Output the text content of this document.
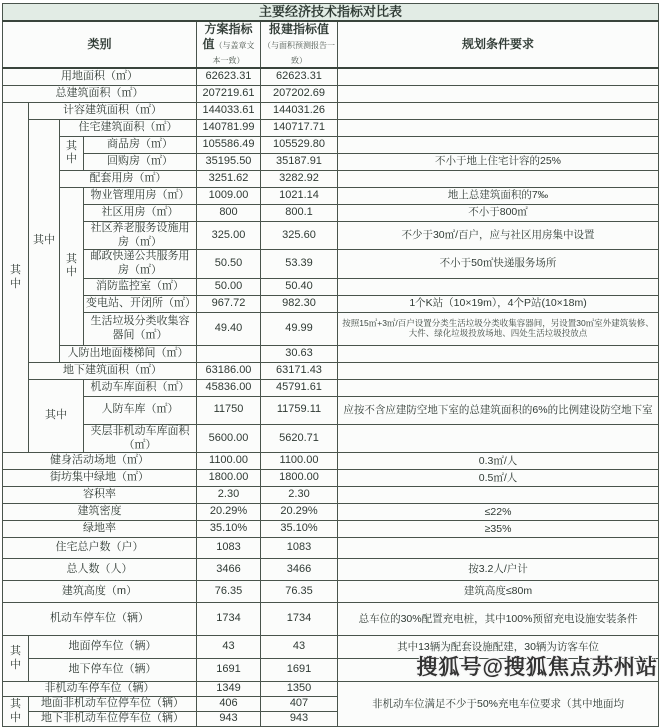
主要经济技术指标对比表						
类别				方案指标值（与盖章文本一致）	报建指标值（与面积预测报告一致）	规划条件要求
用地面积（㎡）				62623.31	62623.31	
总建筑面积（㎡）				207219.61	207202.69	
其中	计容建筑面积（㎡）			144033.61	144031.26	
	其中	住宅建筑面积（㎡）		140781.99	140717.71	
		其中	商品房（㎡）	105586.49	105529.80	
			回购房（㎡）	35195.50	35187.91	不小于地上住宅计容的25%
		配套用房（㎡）		3251.62	3282.92	
		其中	物业管理用房（㎡）	1009.00	1021.14	地上总建筑面积的7‰
			社区用房（㎡）	800	800.1	不小于800㎡
			社区养老服务设施用房（㎡）	325.00	325.60	不少于30㎡/百户，应与社区用房集中设置
			邮政快递公共服务用房（㎡）	50.50	53.39	不小于50㎡快递服务场所
			消防监控室（㎡）	50.00	50.40	
			变电站、开闭所（㎡）	967.72	982.30	1个K站（10×19m），4个P站(10×18m)
			生活垃圾分类收集容器间（㎡）	49.40	49.99	按照15㎡+3㎡/百户设置分类生活垃圾分类收集容器间，另设置30㎡室外建筑装修、大件、绿化垃圾投放场地、四处生活垃圾投放点
		人防出地面楼梯间（㎡）			30.63	
	地下建筑面积（㎡）			63186.00	63171.43	
	其中		机动车库面积（㎡）	45836.00	45791.61	
			人防车库（㎡）	11750	11759.11	应按不含应建防空地下室的总建筑面积的6%的比例建设防空地下室
			夹层非机动车库面积（㎡）	5600.00	5620.71	
健身活动场地（㎡）				1100.00	1100.00	0.3㎡/人
街坊集中绿地（㎡）				1800.00	1800.00	0.5㎡/人
容积率				2.30	2.30	
建筑密度				20.29%	20.29%	≤22%
绿地率				35.10%	35.10%	≥35%
住宅总户数（户）				1083	1083	
总人数（人）				3466	3466	按3.2人/户计
建筑高度（m）				76.35	76.35	建筑高度≤80m
机动车停车位（辆）				1734	1734	总车位的30%配置充电桩，其中100%预留充电设施安装条件
其中	地面停车位（辆）			43	43	其中13辆为配套设施配建，30辆为访客车位
	地下停车位（辆）			1691	1691	
非机动车停车位（辆）				1349	1350	非机动车位满足不少于50%充电车位要求（其中地面均
其中	地面非机动车位停车位（辆）			406	407	
	地下非机动车位停车位（辆）			943	943	
搜狐号@搜狐焦点苏州站
